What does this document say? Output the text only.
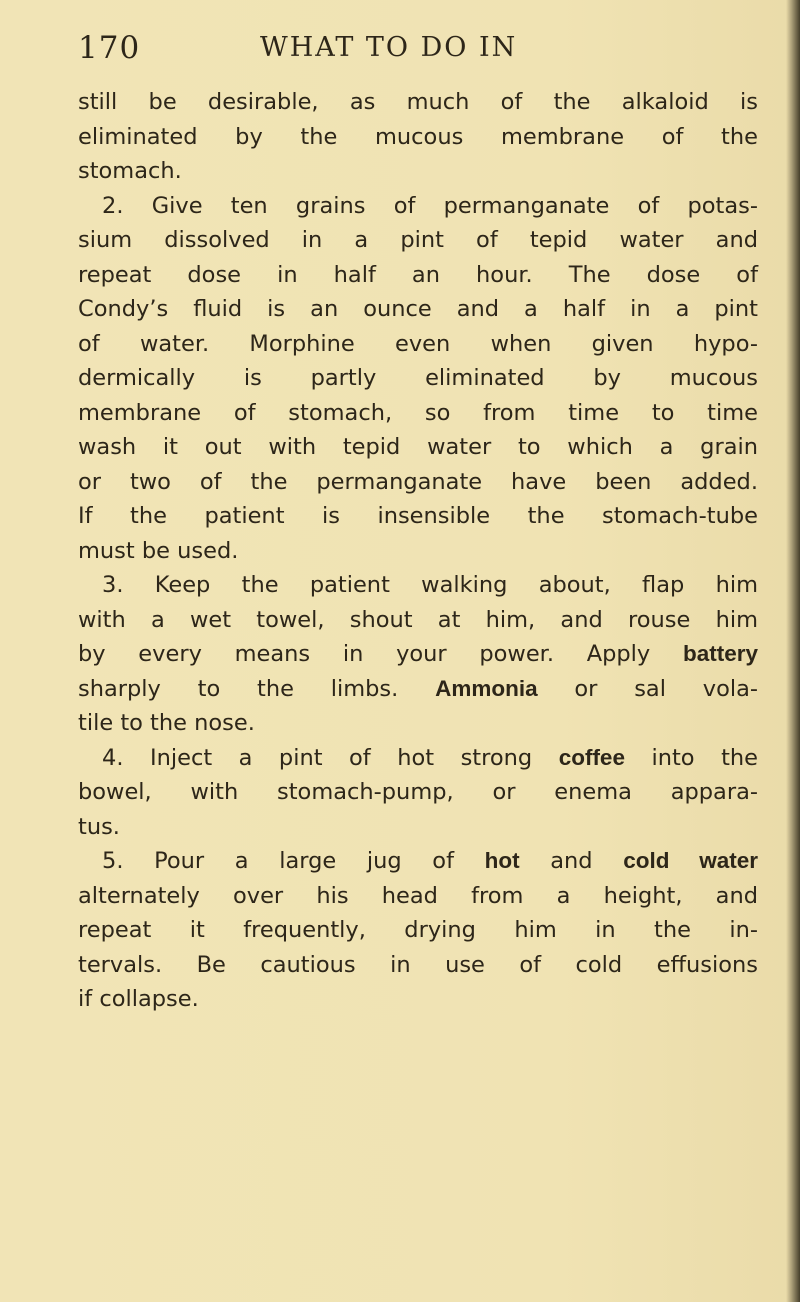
170	WHAT TO DO IN
still be desirable, as much of the alkaloid is
eliminated by the mucous membrane of the
stomach.
2. Give ten grains of permanganate of potas-
sium dissolved in a pint of tepid water and
repeat dose in half an hour. The dose of
Condy’s fluid is an ounce and a half in a pint
of water. Morphine even when given hypo-
dermically is partly eliminated by mucous
membrane of stomach, so from time to time
wash it out with tepid water to which a grain
or two of the permanganate have been added.
If the patient is insensible the stomach-tube
must be used.
3. Keep the patient walking about, flap him
with a wet towel, shout at him, and rouse him
by every means in your power. Apply battery
sharply to the limbs. Ammonia or sal vola-
tile to the nose.
4. Inject a pint of hot strong coffee into the
bowel, with stomach-pump, or enema appara-
tus.
5. Pour a large jug of hot and cold water
alternately over his head from a height, and
repeat it frequently, drying him in the in-
tervals. Be cautious in use of cold effusions
if collapse.
